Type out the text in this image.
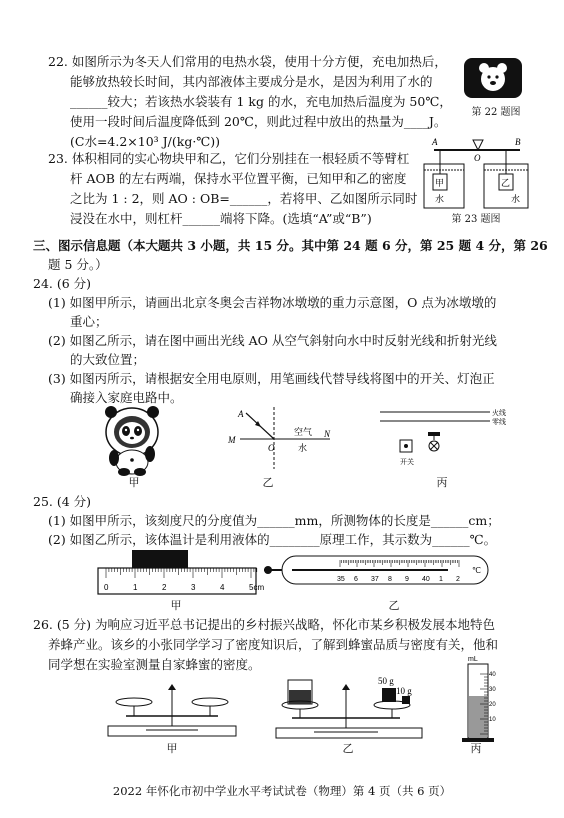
22. 如图所示为冬天人们常用的电热水袋，使用十分方便，充电加热后，
能够放热较长时间，其内部液体主要成分是水，是因为利用了水的
______较大；若该热水袋装有 1 kg 的水，充电加热后温度为 50℃，
使用一段时间后温度降低到 20℃，则此过程中放出的热量为____J。
(C水=4.2×10³ J/(kg·℃))
第 22 题图
23. 体积相同的实心物块甲和乙，它们分别挂在一根轻质不等臂杠
杆 AOB 的左右两端，保持水平位置平衡，已知甲和乙的密度
之比为 1 : 2，则 AO : OB=______，若将甲、乙如图所示同时
浸没在水中，则杠杆______端将下降。(选填“A”或“B”)
A
O
B
甲	乙
水	水
第 23 题图
三、图示信息题（本大题共 3 小题，共 15 分。其中第 24 题 6 分，第 25 题 4 分，第 26
题 5 分。）
24. (6 分)
(1) 如图甲所示，请画出北京冬奥会吉祥物冰墩墩的重力示意图，O 点为冰墩墩的
重心；
(2) 如图乙所示，请在图中画出光线 AO 从空气斜射向水中时反射光线和折射光线
的大致位置；
(3) 如图丙所示，请根据安全用电原则，用笔画线代替导线将图中的开关、灯泡正
确接入家庭电路中。
甲
A
M
O
N
空气
水
乙
火线
零线
开关
丙
25. (4 分)
(1) 如图甲所示，该刻度尺的分度值为______mm，所测物体的长度是______cm；
(2) 如图乙所示，该体温计是利用液体的________原理工作，其示数为______℃。
0	1	2	3	4	5cm
甲
35 6 37 8 9 40 1 2
℃
乙
26. (5 分) 为响应习近平总书记提出的乡村振兴战略，怀化市某乡积极发展本地特色
养蜂产业。该乡的小张同学学习了密度知识后，了解到蜂蜜品质与密度有关，他和
同学想在实验室测量自家蜂蜜的密度。
甲
50 g
10 g
乙
mL
40
30
20
10
丙
2022 年怀化市初中学业水平考试试卷（物理）第 4 页（共 6 页）
